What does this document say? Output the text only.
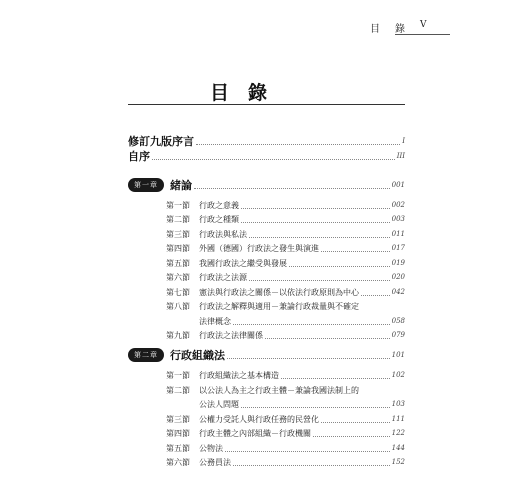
目 錄 V
目錄
修訂九版序言	I
自序	III
第一章	緒論	001
第一節	行政之意義	002
第二節	行政之種類	003
第三節	行政法與私法	011
第四節	外國（德國）行政法之發生與演進	017
第五節	我國行政法之繼受與發展	019
第六節	行政法之法源	020
第七節	憲法與行政法之關係－以依法行政原則為中心	042
第八節	行政法之解釋與適用－兼論行政裁量與不確定
法律概念	058
第九節	行政法之法律關係	079
第二章	行政組織法	101
第一節	行政組織法之基本構造	102
第二節	以公法人為主之行政主體－兼論我國法制上的
公法人問題	103
第三節	公權力受託人與行政任務的民營化	111
第四節	行政主體之內部組織－行政機關	122
第五節	公物法	144
第六節	公務員法	152
